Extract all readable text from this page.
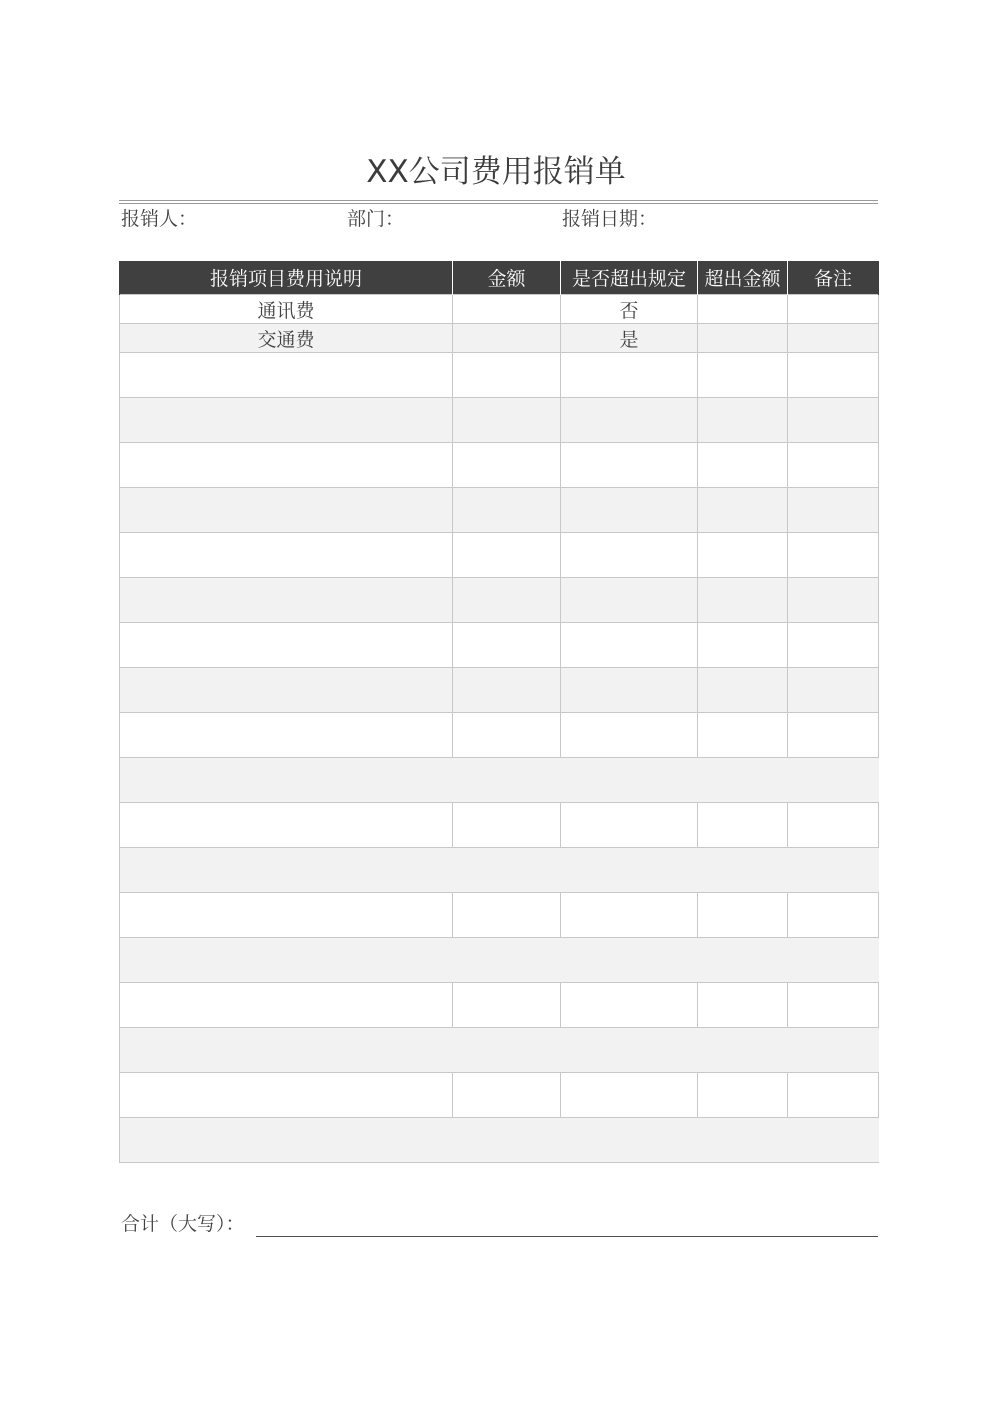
XX公司费用报销单
报销人：	部门：	报销日期：
报销项目费用说明	金额	是否超出规定	超出金额	备注
通讯费		否		
交通费		是		

合计（大写）：
